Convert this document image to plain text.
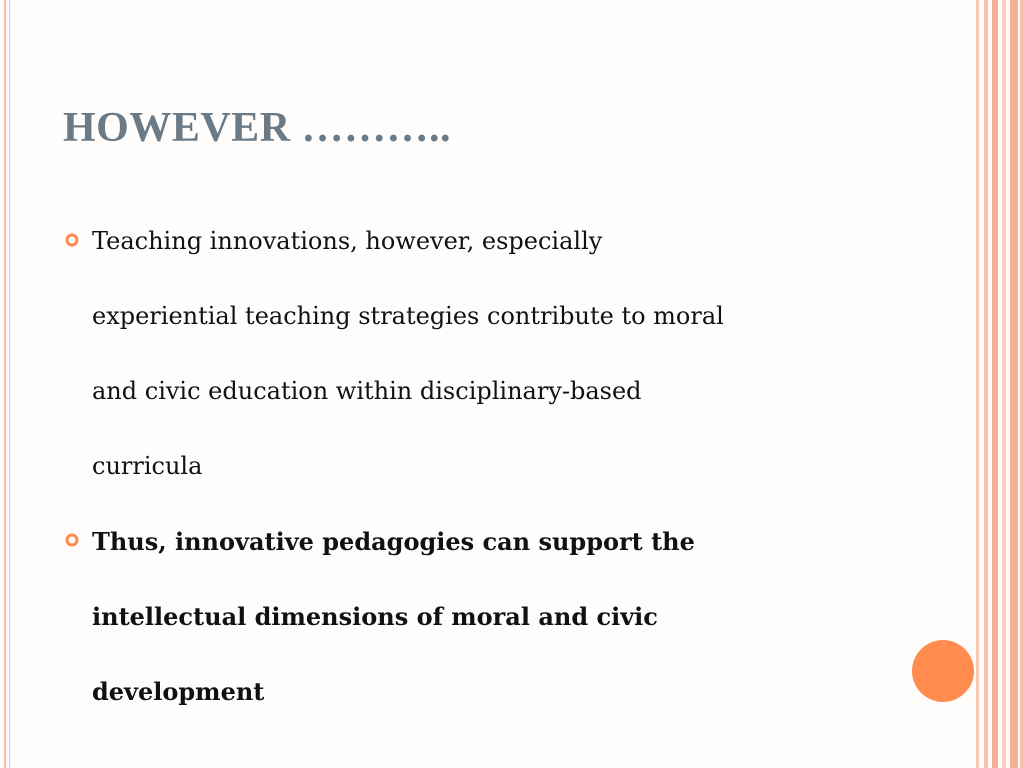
HOWEVER ………..
Teaching innovations, however, especially
experiential teaching strategies contribute to moral
and civic education within disciplinary-based
curricula
Thus, innovative pedagogies can support the
intellectual dimensions of moral and civic
development
